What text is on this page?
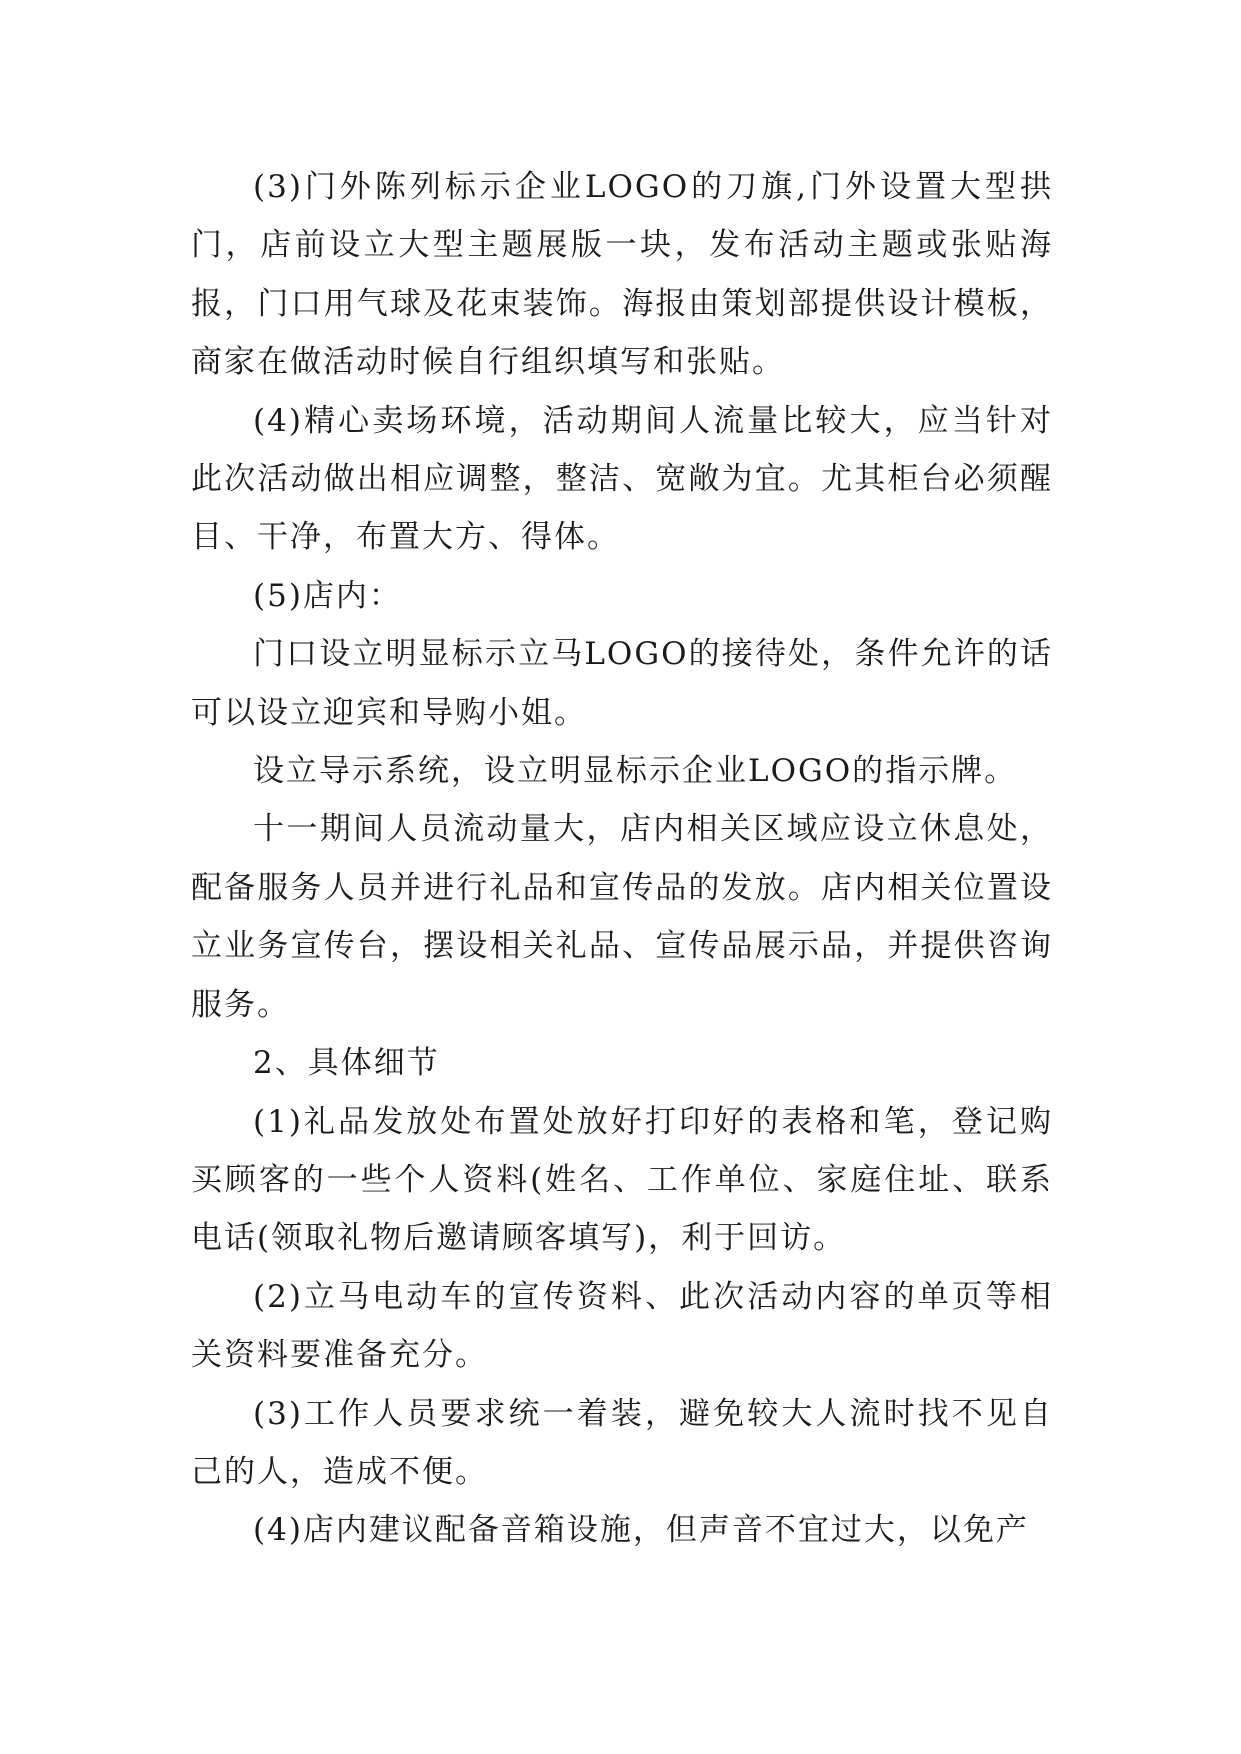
(3)门外陈列标示企业LOGO的刀旗,门外设置大型拱门，店前设立大型主题展版一块，发布活动主题或张贴海报，门口用气球及花束装饰。海报由策划部提供设计模板，商家在做活动时候自行组织填写和张贴。

(4)精心卖场环境，活动期间人流量比较大，应当针对此次活动做出相应调整，整洁、宽敞为宜。尤其柜台必须醒目、干净，布置大方、得体。

(5)店内：

门口设立明显标示立马LOGO的接待处，条件允许的话可以设立迎宾和导购小姐。

设立导示系统，设立明显标示企业LOGO的指示牌。

十一期间人员流动量大，店内相关区域应设立休息处，配备服务人员并进行礼品和宣传品的发放。店内相关位置设立业务宣传台，摆设相关礼品、宣传品展示品，并提供咨询服务。

2、具体细节

(1)礼品发放处布置处放好打印好的表格和笔，登记购买顾客的一些个人资料(姓名、工作单位、家庭住址、联系电话(领取礼物后邀请顾客填写)，利于回访。

(2)立马电动车的宣传资料、此次活动内容的单页等相关资料要准备充分。

(3)工作人员要求统一着装，避免较大人流时找不见自己的人，造成不便。

(4)店内建议配备音箱设施，但声音不宜过大，以免产
